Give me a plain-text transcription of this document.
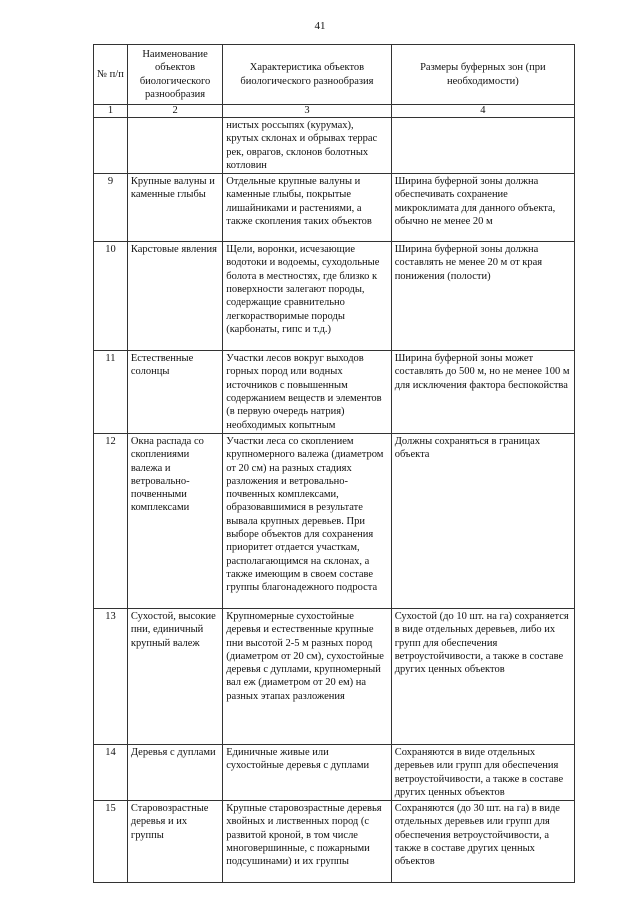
41
№ п/п	Наименование объектов биологического разнообразия	Характеристика объектов биологического разнообразия	Размеры буферных зон (при необходимости)
1	2	3	4
		нистых россыпях (курумах), крутых склонах и обрывах террас рек, оврагов, склонов болотных котловин	
9	Крупные валуны и каменные глыбы	Отдельные крупные валуны и каменные глыбы, покрытые лишайниками и растениями, а также скопления таких объектов	Ширина буферной зоны должна обеспечивать сохранение микроклимата для данного объекта, обычно не менее 20 м
10	Карстовые явления	Щели, воронки, исчезающие водотоки и водоемы, суходольные болота в местностях, где близко к поверхности залегают породы, содержащие сравнительно легкорастворимые породы (карбонаты, гипс и т.д.)	Ширина буферной зоны должна составлять не менее 20 м от края понижения (полости)
11	Естественные солонцы	Участки лесов вокруг выходов горных пород или водных источников с повышенным содержанием веществ и элементов (в первую очередь натрия) необходимых копытным	Ширина буферной зоны может составлять до 500 м, но не менее 100 м для исключения фактора беспокойства
12	Окна распада со скоплениями валежа и ветровально-почвенными комплексами	Участки леса со скоплением крупномерного валежа (диаметром от 20 см) на разных стадиях разложения и ветровально-почвенных комплексами, образовавшимися в результате вывала крупных деревьев. При выборе объектов для сохранения приоритет отдается участкам, располагающимся на склонах, а также имеющим в своем составе группы благонадежного подроста	Должны сохраняться в границах объекта
13	Сухостой, высокие пни, единичный крупный валеж	Крупномерные сухостойные деревья и естественные крупные пни высотой 2-5 м разных пород (диаметром от 20 см), сухостойные деревья с дуплами, крупномерный вал еж (диаметром от 20 ем) на разных этапах разложения	Сухостой (до 10 шт. на га) сохраняется в виде отдельных деревьев, либо их групп для обеспечения ветроустойчивости, а также в составе других ценных объектов
14	Деревья с дуплами	Единичные живые или сухостойные деревья с дуплами	Сохраняются в виде отдельных деревьев или групп для обеспечения ветроустойчивости, а также в составе других ценных объектов
15	Старовозрастные деревья и их группы	Крупные старовозрастные деревья хвойных и лиственных пород (с развитой кроной, в том числе многовершинные, с пожарными подсушинами) и их группы	Сохраняются (до 30 шт. на га) в виде отдельных деревьев или групп для обеспечения ветроустойчивости, а также в составе других ценных объектов
